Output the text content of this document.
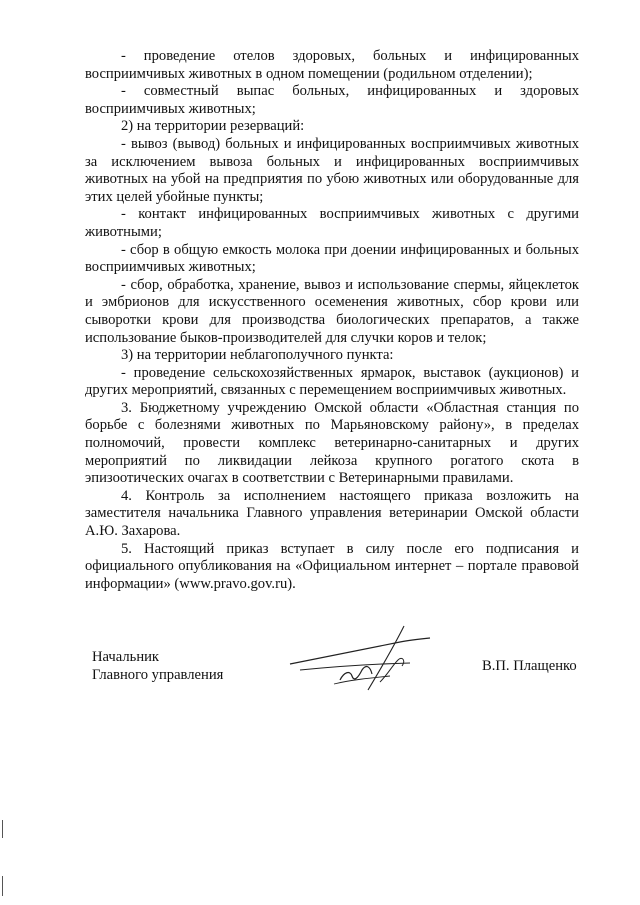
- проведение отелов здоровых, больных и инфицированных восприимчивых животных в одном помещении (родильном отделении);

- совместный выпас больных, инфицированных и здоровых восприимчивых животных;

2) на территории резерваций:

- вывоз (вывод) больных и инфицированных восприимчивых животных за исключением вывоза больных и инфицированных восприимчивых животных на убой на предприятия по убою животных или оборудованные для этих целей убойные пункты;

- контакт инфицированных восприимчивых животных с другими животными;

- сбор в общую емкость молока при доении инфицированных и больных восприимчивых животных;

- сбор, обработка, хранение, вывоз и использование спермы, яйцеклеток и эмбрионов для искусственного осеменения животных, сбор крови или сыворотки крови для производства биологических препаратов, а также использование быков-производителей для случки коров и телок;

3) на территории неблагополучного пункта:

- проведение сельскохозяйственных ярмарок, выставок (аукционов) и других мероприятий, связанных с перемещением восприимчивых животных.

3. Бюджетному учреждению Омской области «Областная станция по борьбе с болезнями животных по Марьяновскому району», в пределах полномочий, провести комплекс ветеринарно-санитарных и других мероприятий по ликвидации лейкоза крупного рогатого скота в эпизоотических очагах в соответствии с Ветеринарными правилами.

4. Контроль за исполнением настоящего приказа возложить на заместителя начальника Главного управления ветеринарии Омской области А.Ю. Захарова.

5. Настоящий приказ вступает в силу после его подписания и официального опубликования на «Официальном интернет – портале правовой информации» (www.pravo.gov.ru).

Начальник
Главного управления
В.П. Плащенко
